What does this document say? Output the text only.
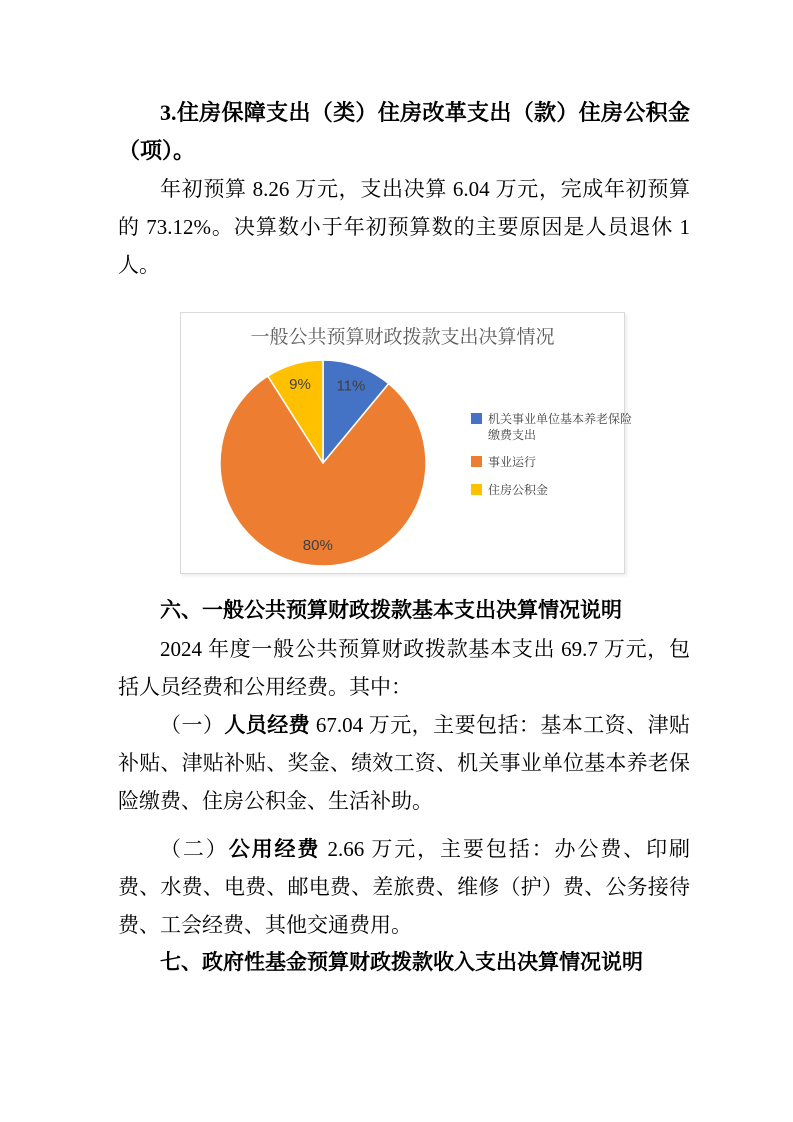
3.住房保障支出（类）住房改革支出（款）住房公积金（项）。

年初预算 8.26 万元，支出决算 6.04 万元，完成年初预算的 73.12%。决算数小于年初预算数的主要原因是人员退休 1 人。

一般公共预算财政拨款支出决算情况
11%
80%
9%
机关事业单位基本养老保险缴费支出
事业运行
住房公积金

六、一般公共预算财政拨款基本支出决算情况说明

2024 年度一般公共预算财政拨款基本支出 69.7 万元，包括人员经费和公用经费。其中：

（一）人员经费 67.04 万元，主要包括：基本工资、津贴补贴、津贴补贴、奖金、绩效工资、机关事业单位基本养老保险缴费、住房公积金、生活补助。

（二）公用经费 2.66 万元，主要包括：办公费、印刷费、水费、电费、邮电费、差旅费、维修（护）费、公务接待费、工会经费、其他交通费用。

七、政府性基金预算财政拨款收入支出决算情况说明
